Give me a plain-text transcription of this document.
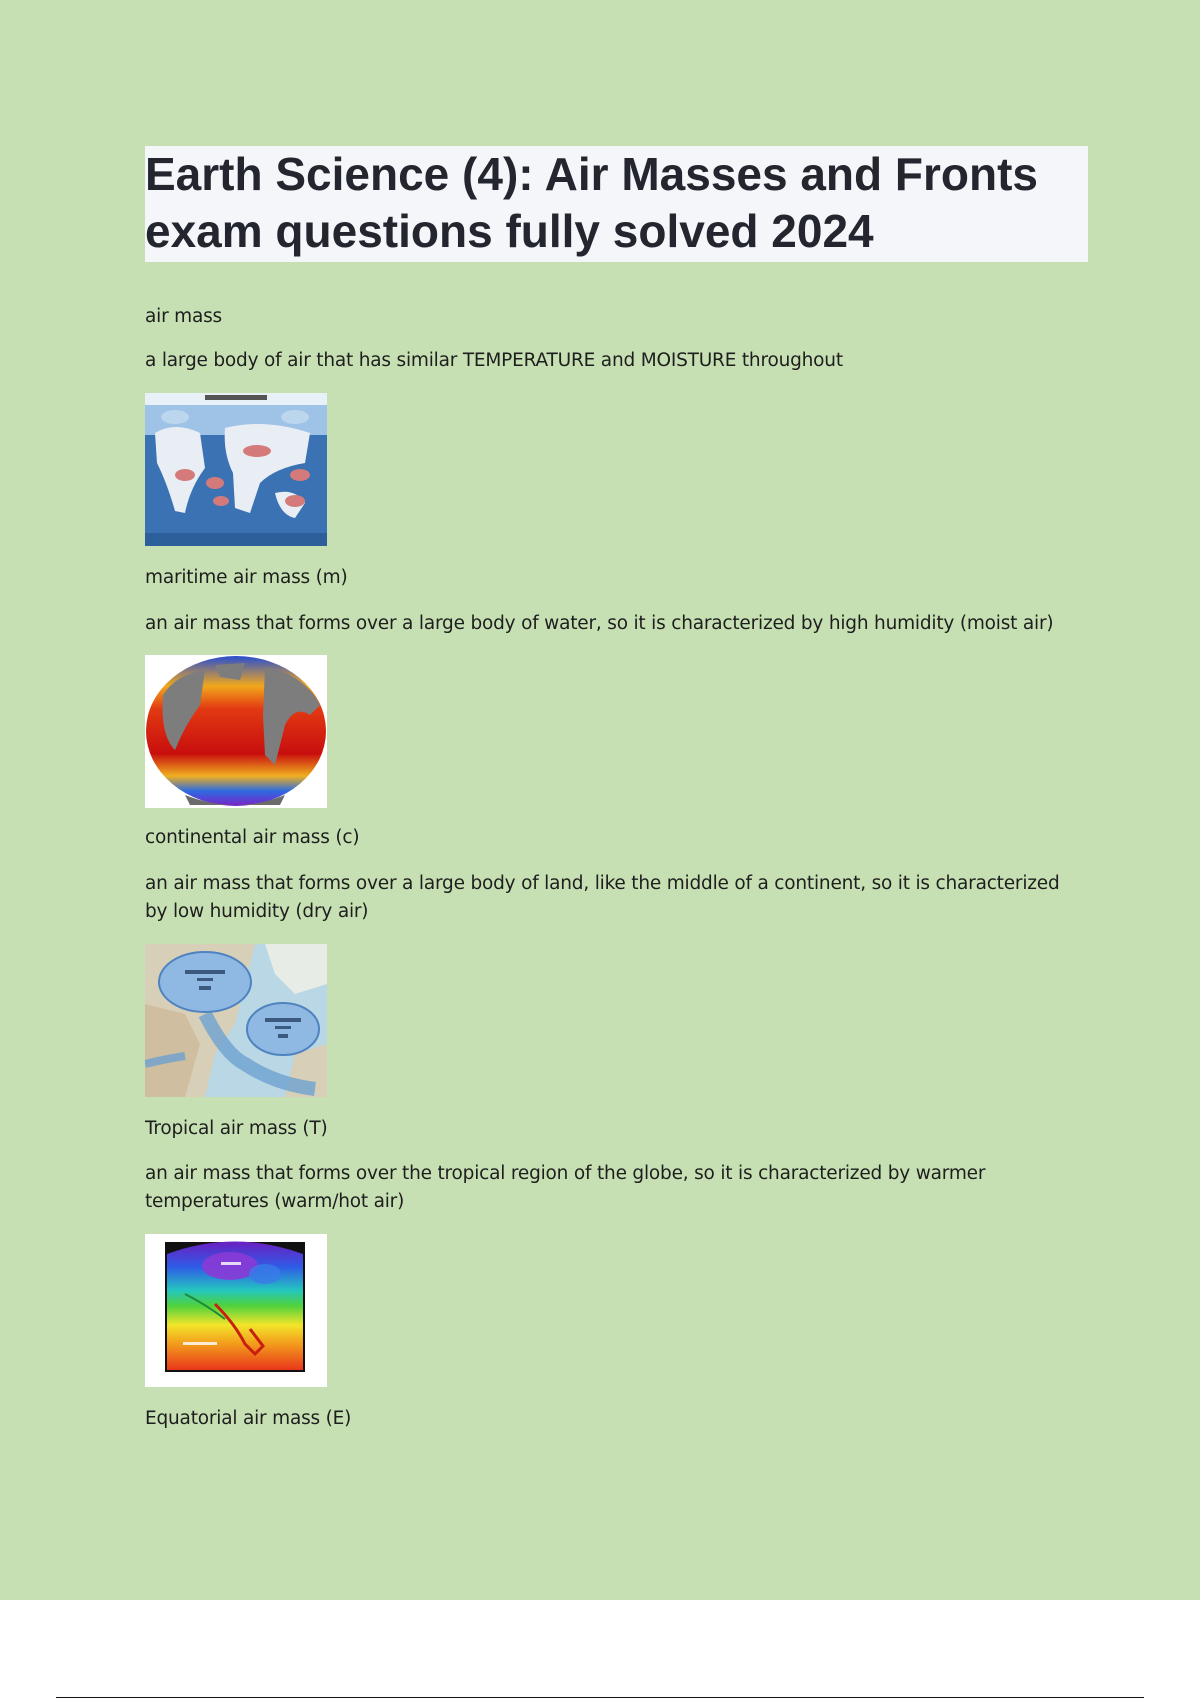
Earth Science (4): Air Masses and Fronts exam questions fully solved 2024

air mass

a large body of air that has similar TEMPERATURE and MOISTURE throughout

maritime air mass (m)

an air mass that forms over a large body of water, so it is characterized by high humidity (moist air)

continental air mass (c)

an air mass that forms over a large body of land, like the middle of a continent, so it is characterized by low humidity (dry air)

Tropical air mass (T)

an air mass that forms over the tropical region of the globe, so it is characterized by warmer temperatures (warm/hot air)

Equatorial air mass (E)
